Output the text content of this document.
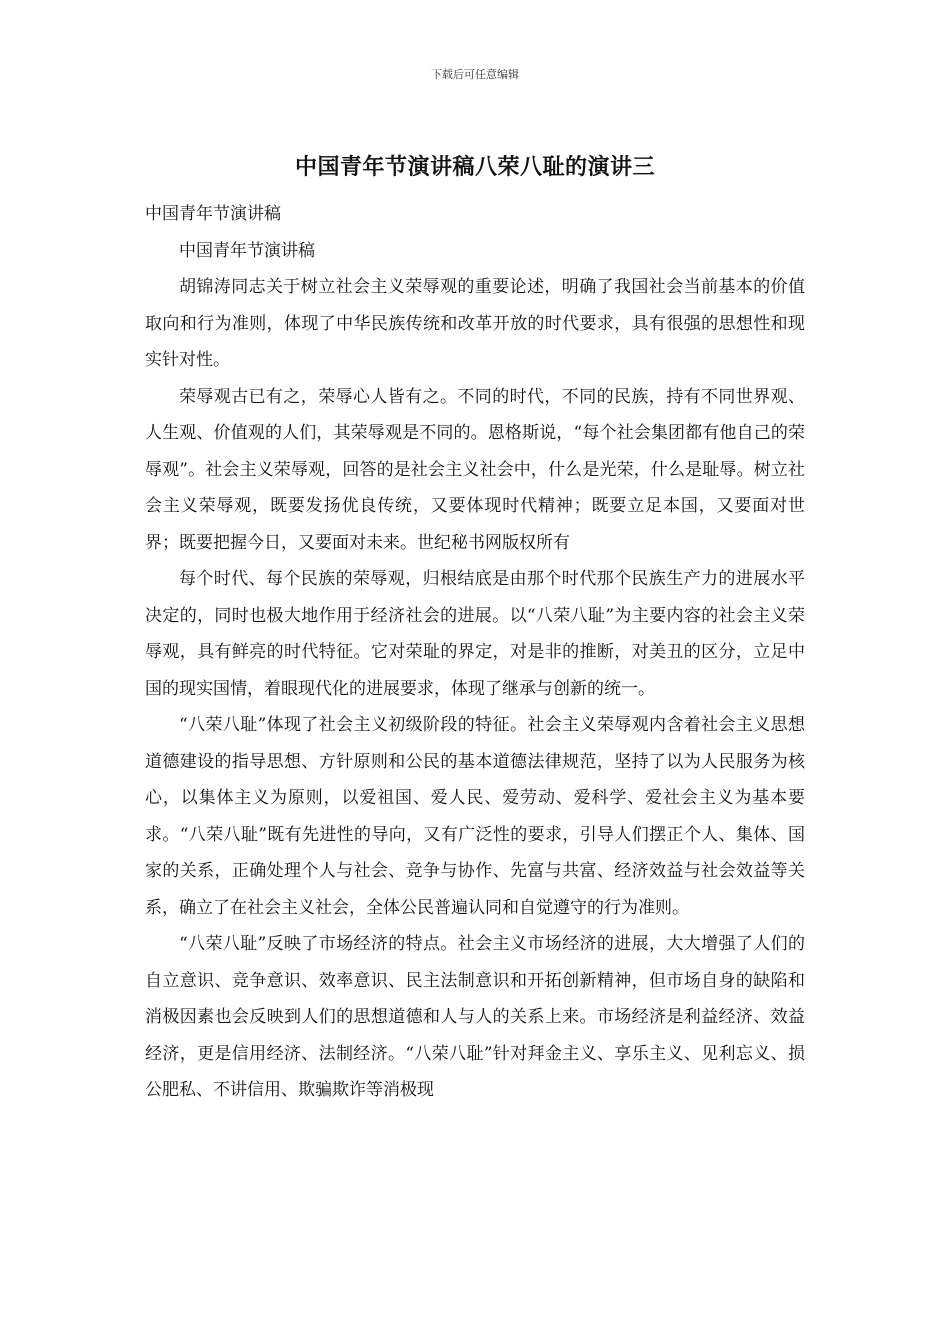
下载后可任意编辑
中国青年节演讲稿八荣八耻的演讲三

中国青年节演讲稿

中国青年节演讲稿

胡锦涛同志关于树立社会主义荣辱观的重要论述，明确了我国社会当前基本的价值取向和行为准则，体现了中华民族传统和改革开放的时代要求，具有很强的思想性和现实针对性。

荣辱观古已有之，荣辱心人皆有之。不同的时代，不同的民族，持有不同世界观、人生观、价值观的人们，其荣辱观是不同的。恩格斯说，“每个社会集团都有他自己的荣辱观”。社会主义荣辱观，回答的是社会主义社会中，什么是光荣，什么是耻辱。树立社会主义荣辱观，既要发扬优良传统，又要体现时代精神；既要立足本国，又要面对世界；既要把握今日，又要面对未来。世纪秘书网版权所有

每个时代、每个民族的荣辱观，归根结底是由那个时代那个民族生产力的进展水平决定的，同时也极大地作用于经济社会的进展。以“八荣八耻”为主要内容的社会主义荣辱观，具有鲜亮的时代特征。它对荣耻的界定，对是非的推断，对美丑的区分，立足中国的现实国情，着眼现代化的进展要求，体现了继承与创新的统一。

“八荣八耻”体现了社会主义初级阶段的特征。社会主义荣辱观内含着社会主义思想道德建设的指导思想、方针原则和公民的基本道德法律规范，坚持了以为人民服务为核心，以集体主义为原则，以爱祖国、爱人民、爱劳动、爱科学、爱社会主义为基本要求。“八荣八耻”既有先进性的导向，又有广泛性的要求，引导人们摆正个人、集体、国家的关系，正确处理个人与社会、竞争与协作、先富与共富、经济效益与社会效益等关系，确立了在社会主义社会，全体公民普遍认同和自觉遵守的行为准则。

“八荣八耻”反映了市场经济的特点。社会主义市场经济的进展，大大增强了人们的自立意识、竞争意识、效率意识、民主法制意识和开拓创新精神，但市场自身的缺陷和消极因素也会反映到人们的思想道德和人与人的关系上来。市场经济是利益经济、效益经济，更是信用经济、法制经济。“八荣八耻”针对拜金主义、享乐主义、见利忘义、损公肥私、不讲信用、欺骗欺诈等消极现
